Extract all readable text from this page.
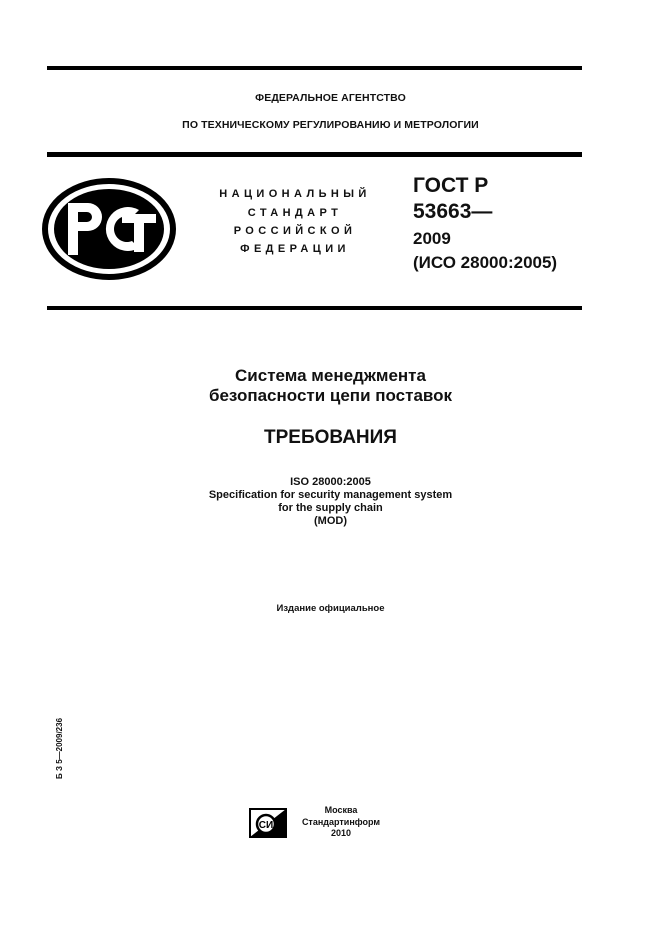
ФЕДЕРАЛЬНОЕ АГЕНТСТВО
ПО ТЕХНИЧЕСКОМУ РЕГУЛИРОВАНИЮ И МЕТРОЛОГИИ
НАЦИОНАЛЬНЫЙ
СТАНДАРТ
РОССИЙСКОЙ
ФЕДЕРАЦИИ
ГОСТ Р
53663—
2009
(ИСО 28000:2005)
Система менеджмента
безопасности цепи поставок
ТРЕБОВАНИЯ
ISO 28000:2005
Specification for security management system
for the supply chain
(MOD)
Издание официальное
Б З 5—2009/236
СИ
Москва
Стандартинформ
2010
